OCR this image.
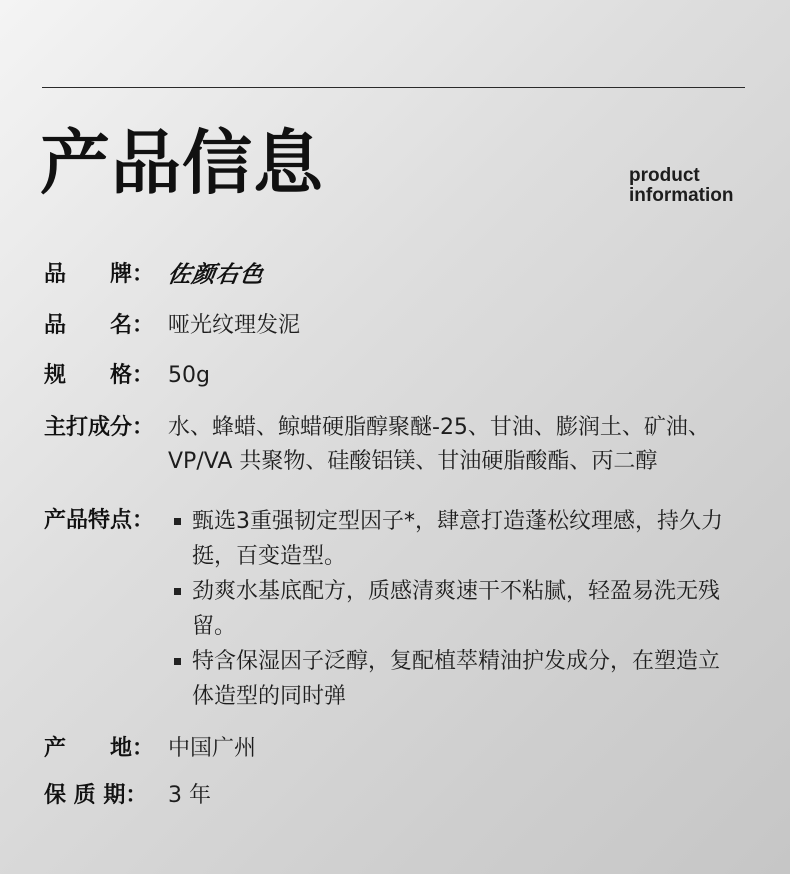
产品信息	product
information
品　　牌： 佐颜右色
品　　名： 哑光纹理发泥
规　　格： 50g
主打成分： 水、蜂蜡、鲸蜡硬脂醇聚醚-25、甘油、膨润土、矿油、
VP/VA 共聚物、硅酸铝镁、甘油硬脂酸酯、丙二醇
产品特点：	甄选3重强韧定型因子*，肆意打造蓬松纹理感，持久力挺，百变造型。
劲爽水基底配方，质感清爽速干不粘腻，轻盈易洗无残留。
特含保湿因子泛醇，复配植萃精油护发成分，在塑造立体造型的同时弹
产　　地： 中国广州
保 质 期： 3 年
